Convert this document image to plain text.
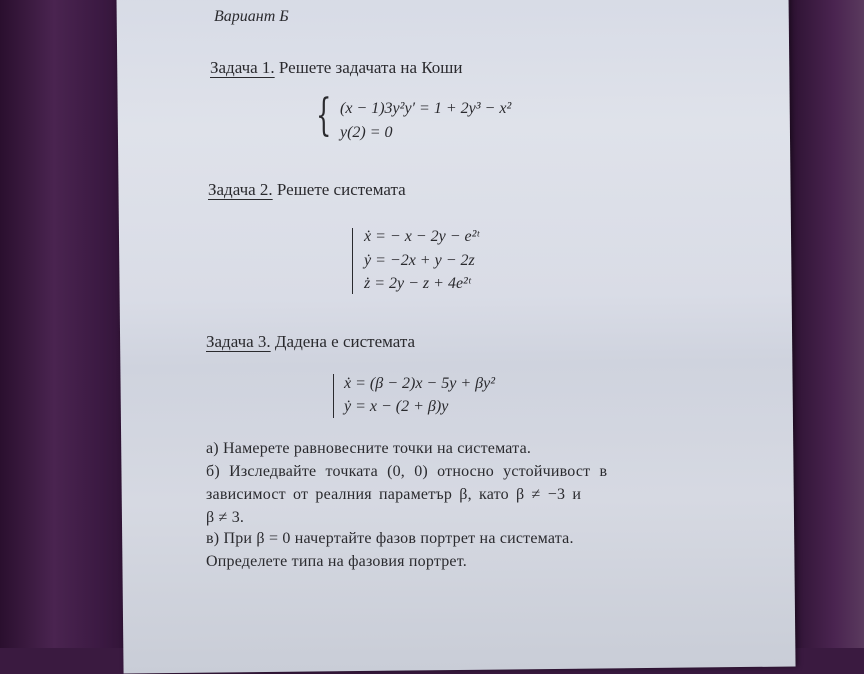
Вариант Б
Задача 1. Решете задачата на Коши
{ (x − 1)3y²y′ = 1 + 2y³ − x²
y(2) = 0
Задача 2. Решете системата
ẋ = − x − 2y − e²ᵗ
ẏ = −2x + y − 2z
ż = 2y − z + 4e²ᵗ
Задача 3. Дадена е системата
ẋ = (β − 2)x − 5y + βy²
ẏ = x − (2 + β)y
а) Намерете равновесните точки на системата.
б) Изследвайте точката (0, 0) относно устойчивост в
зависимост от реалния параметър β, като β ≠ −3 и
β ≠ 3.
в) При β = 0 начертайте фазов портрет на системата.
Определете типа на фазовия портрет.
